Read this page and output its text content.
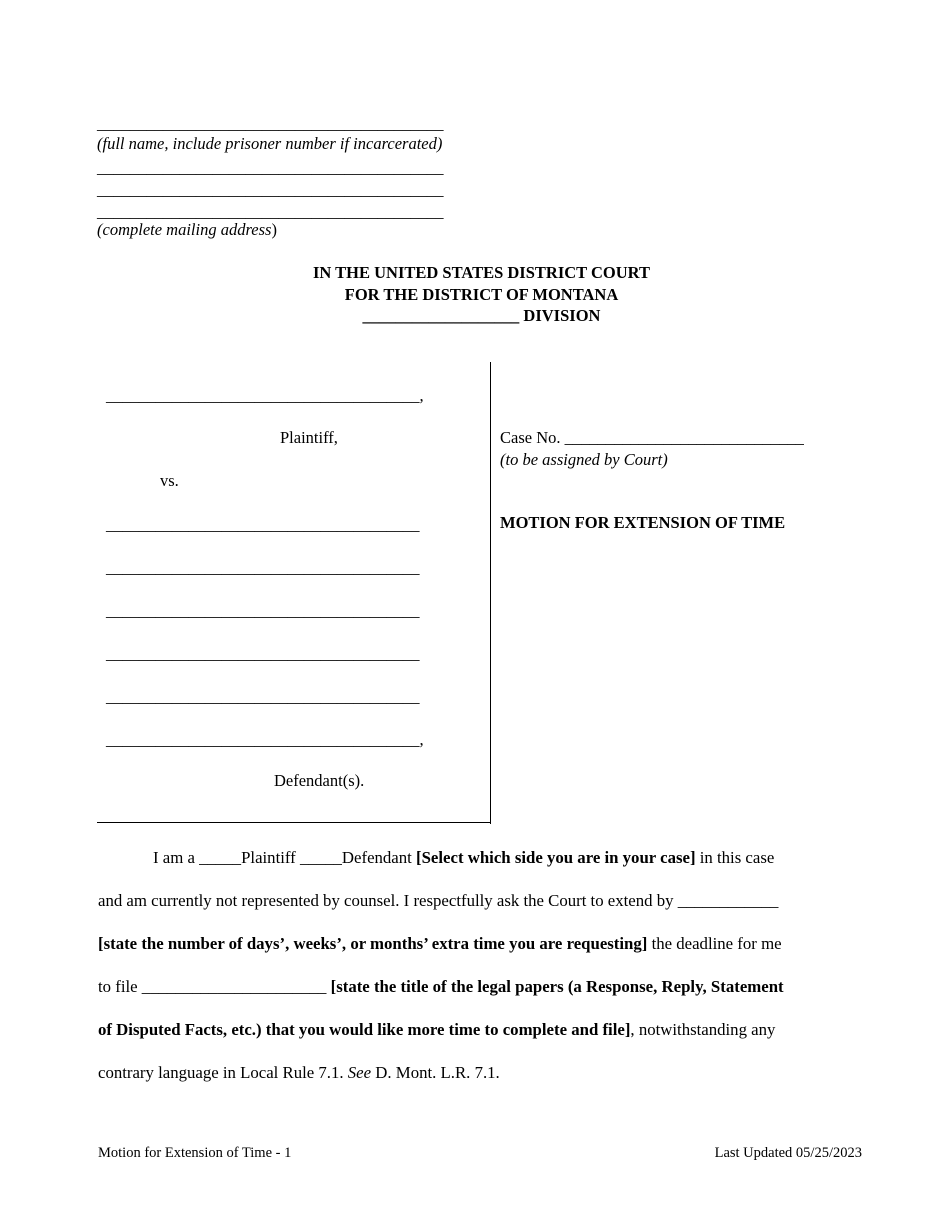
__________________________________________
(full name, include prisoner number if incarcerated)
__________________________________________
__________________________________________
__________________________________________
(complete mailing address)
IN THE UNITED STATES DISTRICT COURT
FOR THE DISTRICT OF MONTANA
___________________ DIVISION
______________________________________,
Plaintiff,
vs.
______________________________________
______________________________________
______________________________________
______________________________________
______________________________________
______________________________________,
Defendant(s).
Case No. _____________________________
(to be assigned by Court)
MOTION FOR EXTENSION OF TIME
I am a _____Plaintiff _____Defendant [Select which side you are in your case] in this case
and am currently not represented by counsel. I respectfully ask the Court to extend by ____________
[state the number of days’, weeks’, or months’ extra time you are requesting] the deadline for me
to file ______________________ [state the title of the legal papers (a Response, Reply, Statement
of Disputed Facts, etc.) that you would like more time to complete and file], notwithstanding any
contrary language in Local Rule 7.1. See D. Mont. L.R. 7.1.
Motion for Extension of Time - 1	Last Updated 05/25/2023
